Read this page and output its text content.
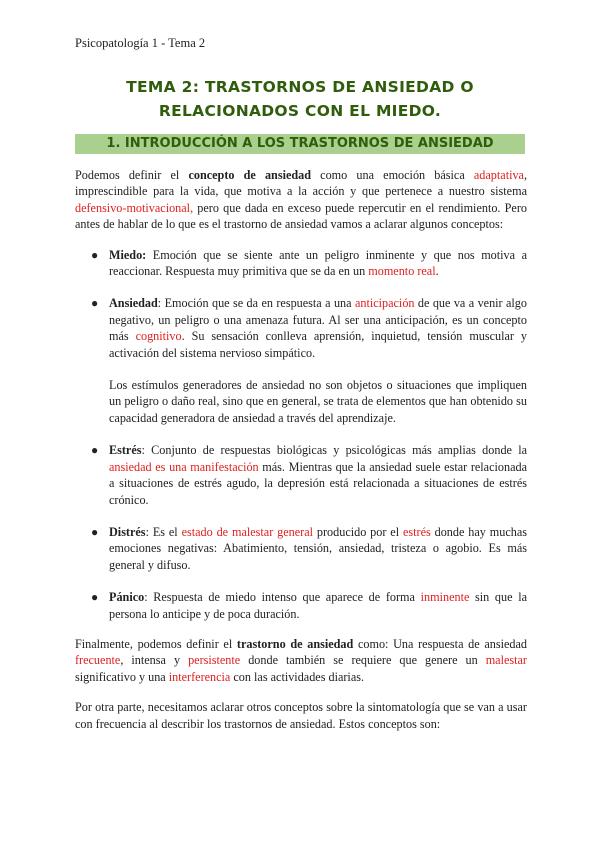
Psicopatología 1 - Tema 2
TEMA 2: TRASTORNOS DE ANSIEDAD O
RELACIONADOS CON EL MIEDO.
1. INTRODUCCIÓN A LOS TRASTORNOS DE ANSIEDAD

Podemos definir el concepto de ansiedad como una emoción básica adaptativa, imprescindible para la vida, que motiva a la acción y que pertenece a nuestro sistema defensivo-motivacional, pero que dada en exceso puede repercutir en el rendimiento. Pero antes de hablar de lo que es el trastorno de ansiedad vamos a aclarar algunos conceptos:

● Miedo: Emoción que se siente ante un peligro inminente y que nos motiva a reaccionar. Respuesta muy primitiva que se da en un momento real.
● Ansiedad: Emoción que se da en respuesta a una anticipación de que va a venir algo negativo, un peligro o una amenaza futura. Al ser una anticipación, es un concepto más cognitivo. Su sensación conlleva aprensión, inquietud, tensión muscular y activación del sistema nervioso simpático.

Los estímulos generadores de ansiedad no son objetos o situaciones que impliquen un peligro o daño real, sino que en general, se trata de elementos que han obtenido su capacidad generadora de ansiedad a través del aprendizaje.

● Estrés: Conjunto de respuestas biológicas y psicológicas más amplias donde la ansiedad es una manifestación más. Mientras que la ansiedad suele estar relacionada a situaciones de estrés agudo, la depresión está relacionada a situaciones de estrés crónico.
● Distrés: Es el estado de malestar general producido por el estrés donde hay muchas emociones negativas: Abatimiento, tensión, ansiedad, tristeza o agobio. Es más general y difuso.
● Pánico: Respuesta de miedo intenso que aparece de forma inminente sin que la persona lo anticipe y de poca duración.

Finalmente, podemos definir el trastorno de ansiedad como: Una respuesta de ansiedad frecuente, intensa y persistente donde también se requiere que genere un malestar significativo y una interferencia con las actividades diarias.

Por otra parte, necesitamos aclarar otros conceptos sobre la sintomatología que se van a usar con frecuencia al describir los trastornos de ansiedad. Estos conceptos son:
